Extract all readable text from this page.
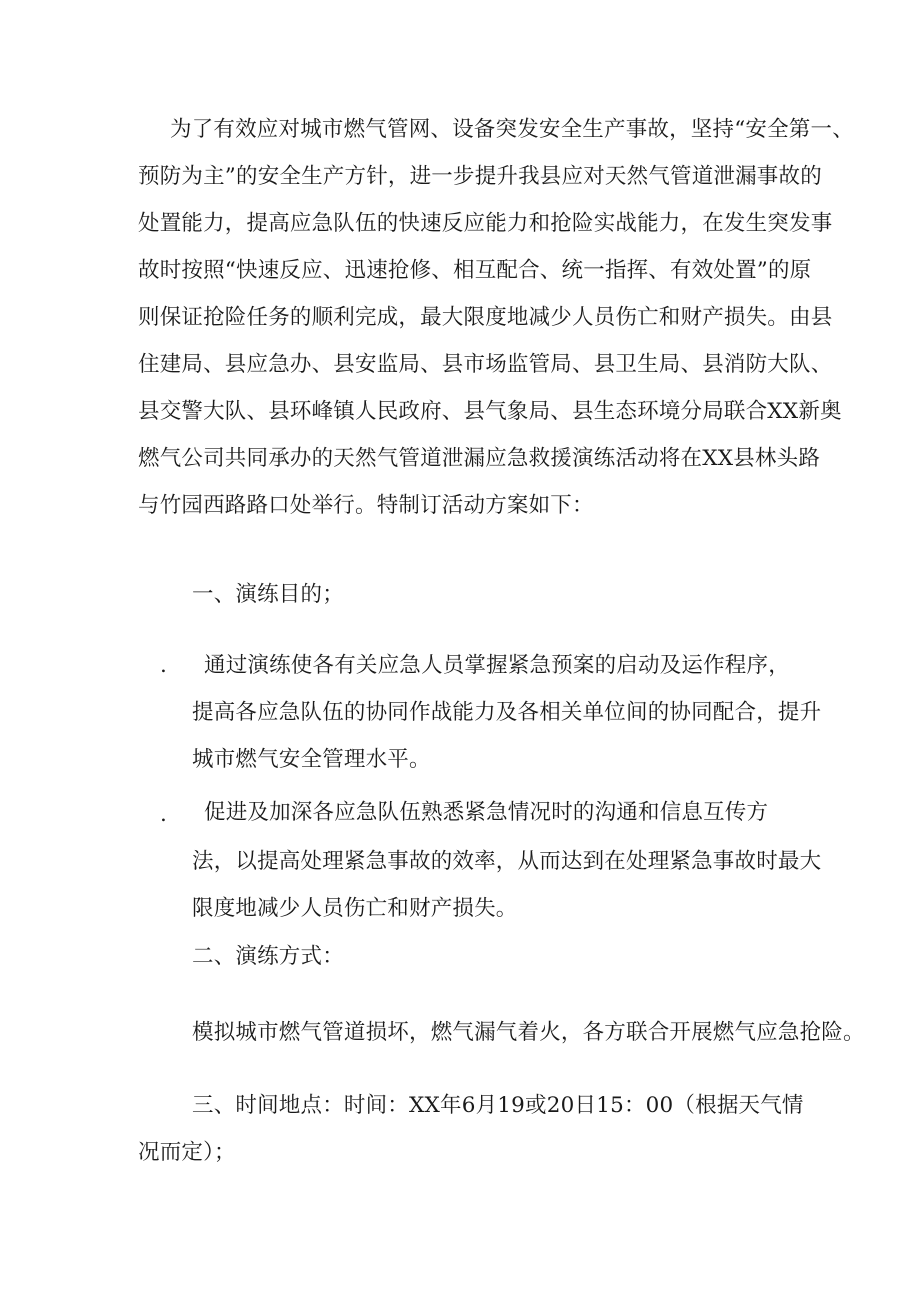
为了有效应对城市燃气管网、设备突发安全生产事故，坚持“安全第一、
预防为主”的安全生产方针，进一步提升我县应对天然气管道泄漏事故的
处置能力，提高应急队伍的快速反应能力和抢险实战能力，在发生突发事
故时按照“快速反应、迅速抢修、相互配合、统一指挥、有效处置”的原
则保证抢险任务的顺利完成，最大限度地减少人员伤亡和财产损失。由县
住建局、县应急办、县安监局、县市场监管局、县卫生局、县消防大队、
县交警大队、县环峰镇人民政府、县气象局、县生态环境分局联合XX新奥
燃气公司共同承办的天然气管道泄漏应急救援演练活动将在XX县林头路
与竹园西路路口处举行。特制订活动方案如下：
一、演练目的；
. 通过演练使各有关应急人员掌握紧急预案的启动及运作程序，
提高各应急队伍的协同作战能力及各相关单位间的协同配合，提升
城市燃气安全管理水平。
. 促进及加深各应急队伍熟悉紧急情况时的沟通和信息互传方
法，以提高处理紧急事故的效率，从而达到在处理紧急事故时最大
限度地减少人员伤亡和财产损失。
二、演练方式：
模拟城市燃气管道损坏，燃气漏气着火，各方联合开展燃气应急抢险。
三、时间地点：时间：XX年6月19或20日15：00（根据天气情
况而定）；
